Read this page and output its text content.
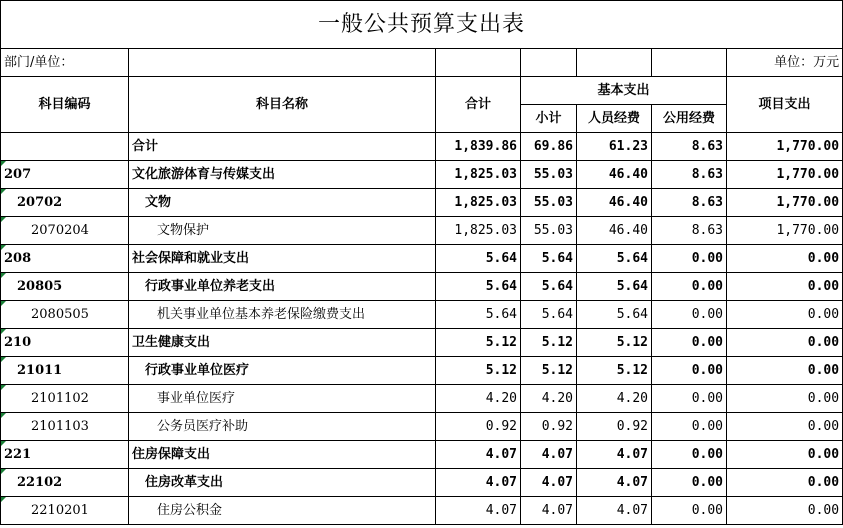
一般公共预算支出表						
部门/单位：						单位：万元
科目编码	科目名称	合计	基本支出			项目支出
			小计	人员经费	公用经费	
	合计	1,839.86	69.86	61.23	8.63	1,770.00
207	文化旅游体育与传媒支出	1,825.03	55.03	46.40	8.63	1,770.00
20702	文物	1,825.03	55.03	46.40	8.63	1,770.00
2070204	文物保护	1,825.03	55.03	46.40	8.63	1,770.00
208	社会保障和就业支出	5.64	5.64	5.64	0.00	0.00
20805	行政事业单位养老支出	5.64	5.64	5.64	0.00	0.00
2080505	机关事业单位基本养老保险缴费支出	5.64	5.64	5.64	0.00	0.00
210	卫生健康支出	5.12	5.12	5.12	0.00	0.00
21011	行政事业单位医疗	5.12	5.12	5.12	0.00	0.00
2101102	事业单位医疗	4.20	4.20	4.20	0.00	0.00
2101103	公务员医疗补助	0.92	0.92	0.92	0.00	0.00
221	住房保障支出	4.07	4.07	4.07	0.00	0.00
22102	住房改革支出	4.07	4.07	4.07	0.00	0.00
2210201	住房公积金	4.07	4.07	4.07	0.00	0.00
